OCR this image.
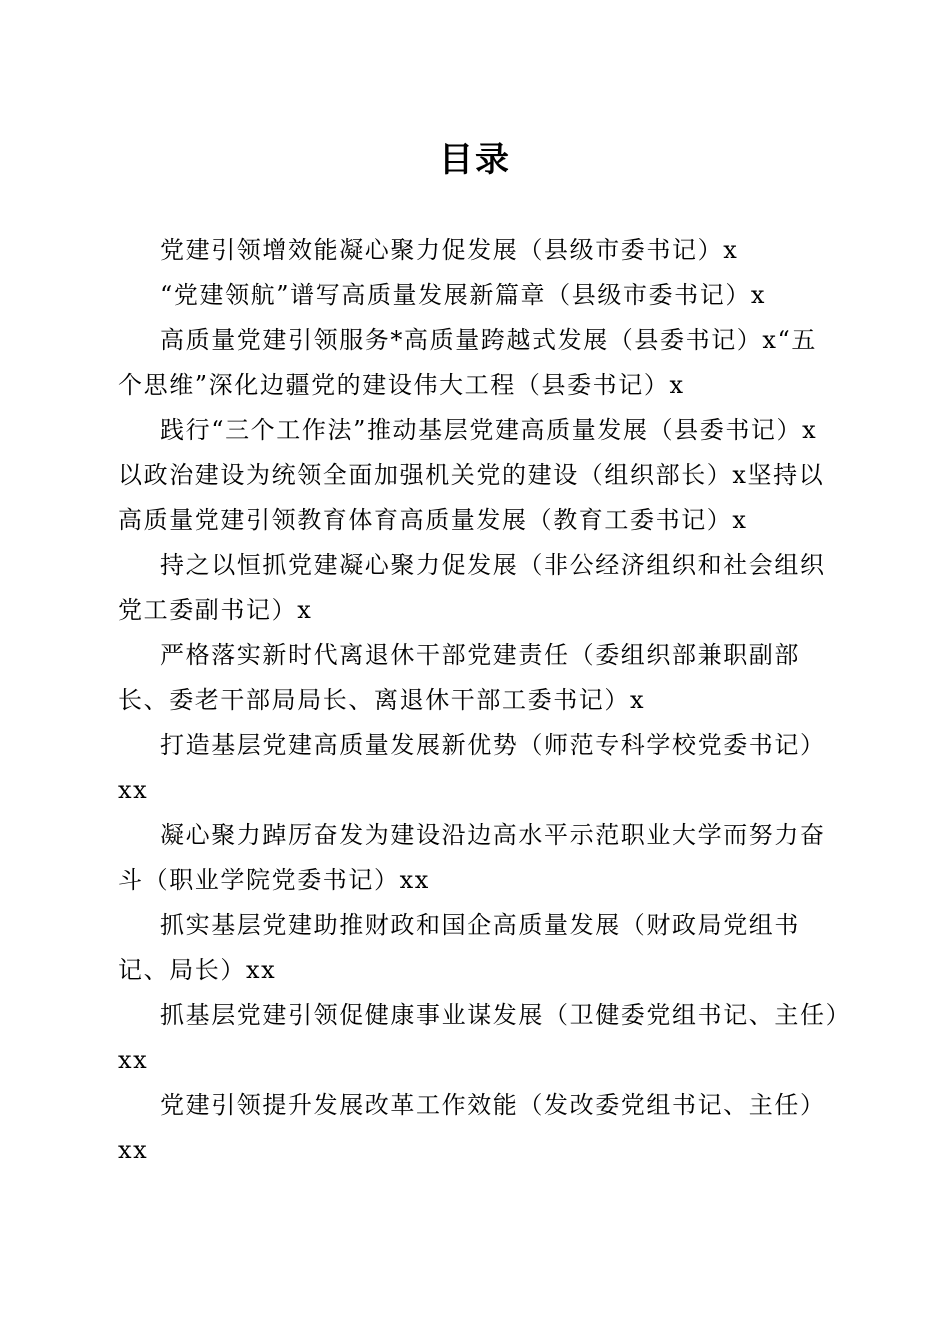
目录

党建引领增效能凝心聚力促发展（县级市委书记）x

“党建领航”谱写高质量发展新篇章（县级市委书记）x

高质量党建引领服务*高质量跨越式发展（县委书记）x“五个思维”深化边疆党的建设伟大工程（县委书记）x

践行“三个工作法”推动基层党建高质量发展（县委书记）x以政治建设为统领全面加强机关党的建设（组织部长）x坚持以高质量党建引领教育体育高质量发展（教育工委书记）x

持之以恒抓党建凝心聚力促发展（非公经济组织和社会组织党工委副书记）x

严格落实新时代离退休干部党建责任（委组织部兼职副部长、委老干部局局长、离退休干部工委书记）x

打造基层党建高质量发展新优势（师范专科学校党委书记）xx

凝心聚力踔厉奋发为建设沿边高水平示范职业大学而努力奋斗（职业学院党委书记）xx

抓实基层党建助推财政和国企高质量发展（财政局党组书记、局长）xx

抓基层党建引领促健康事业谋发展（卫健委党组书记、主任）xx

党建引领提升发展改革工作效能（发改委党组书记、主任）xx
